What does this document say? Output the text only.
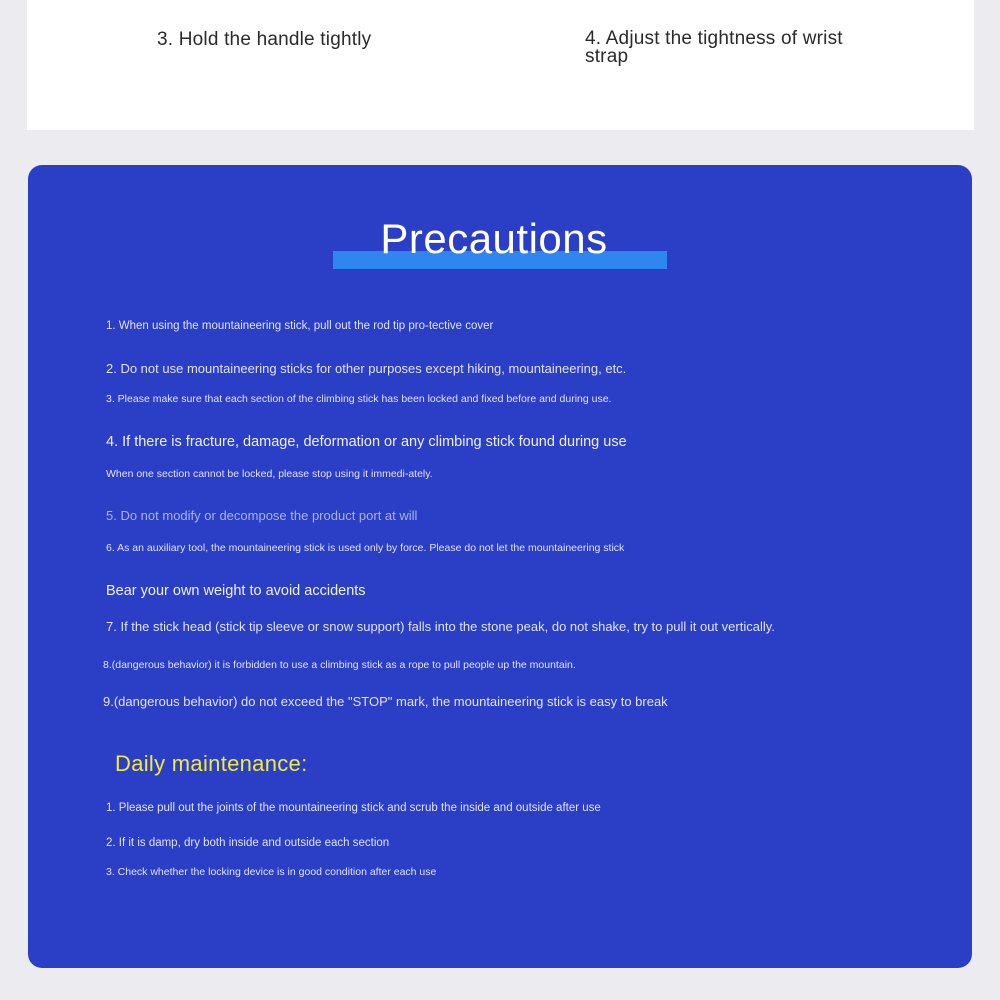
3. Hold the handle tightly	4. Adjust the tightness of wrist strap
Precautions
1. When using the mountaineering stick, pull out the rod tip pro-tective cover
2. Do not use mountaineering sticks for other purposes except hiking, mountaineering, etc.
3. Please make sure that each section of the climbing stick has been locked and fixed before and during use.
4. If there is fracture, damage, deformation or any climbing stick found during use
When one section cannot be locked, please stop using it immedi-ately.
5. Do not modify or decompose the product port at will
6. As an auxiliary tool, the mountaineering stick is used only by force. Please do not let the mountaineering stick
Bear your own weight to avoid accidents
7. If the stick head (stick tip sleeve or snow support) falls into the stone peak, do not shake, try to pull it out vertically.
8.(dangerous behavior) it is forbidden to use a climbing stick as a rope to pull people up the mountain.
9.(dangerous behavior) do not exceed the "STOP" mark, the mountaineering stick is easy to break
Daily maintenance:
1. Please pull out the joints of the mountaineering stick and scrub the inside and outside after use
2. If it is damp, dry both inside and outside each section
3. Check whether the locking device is in good condition after each use
